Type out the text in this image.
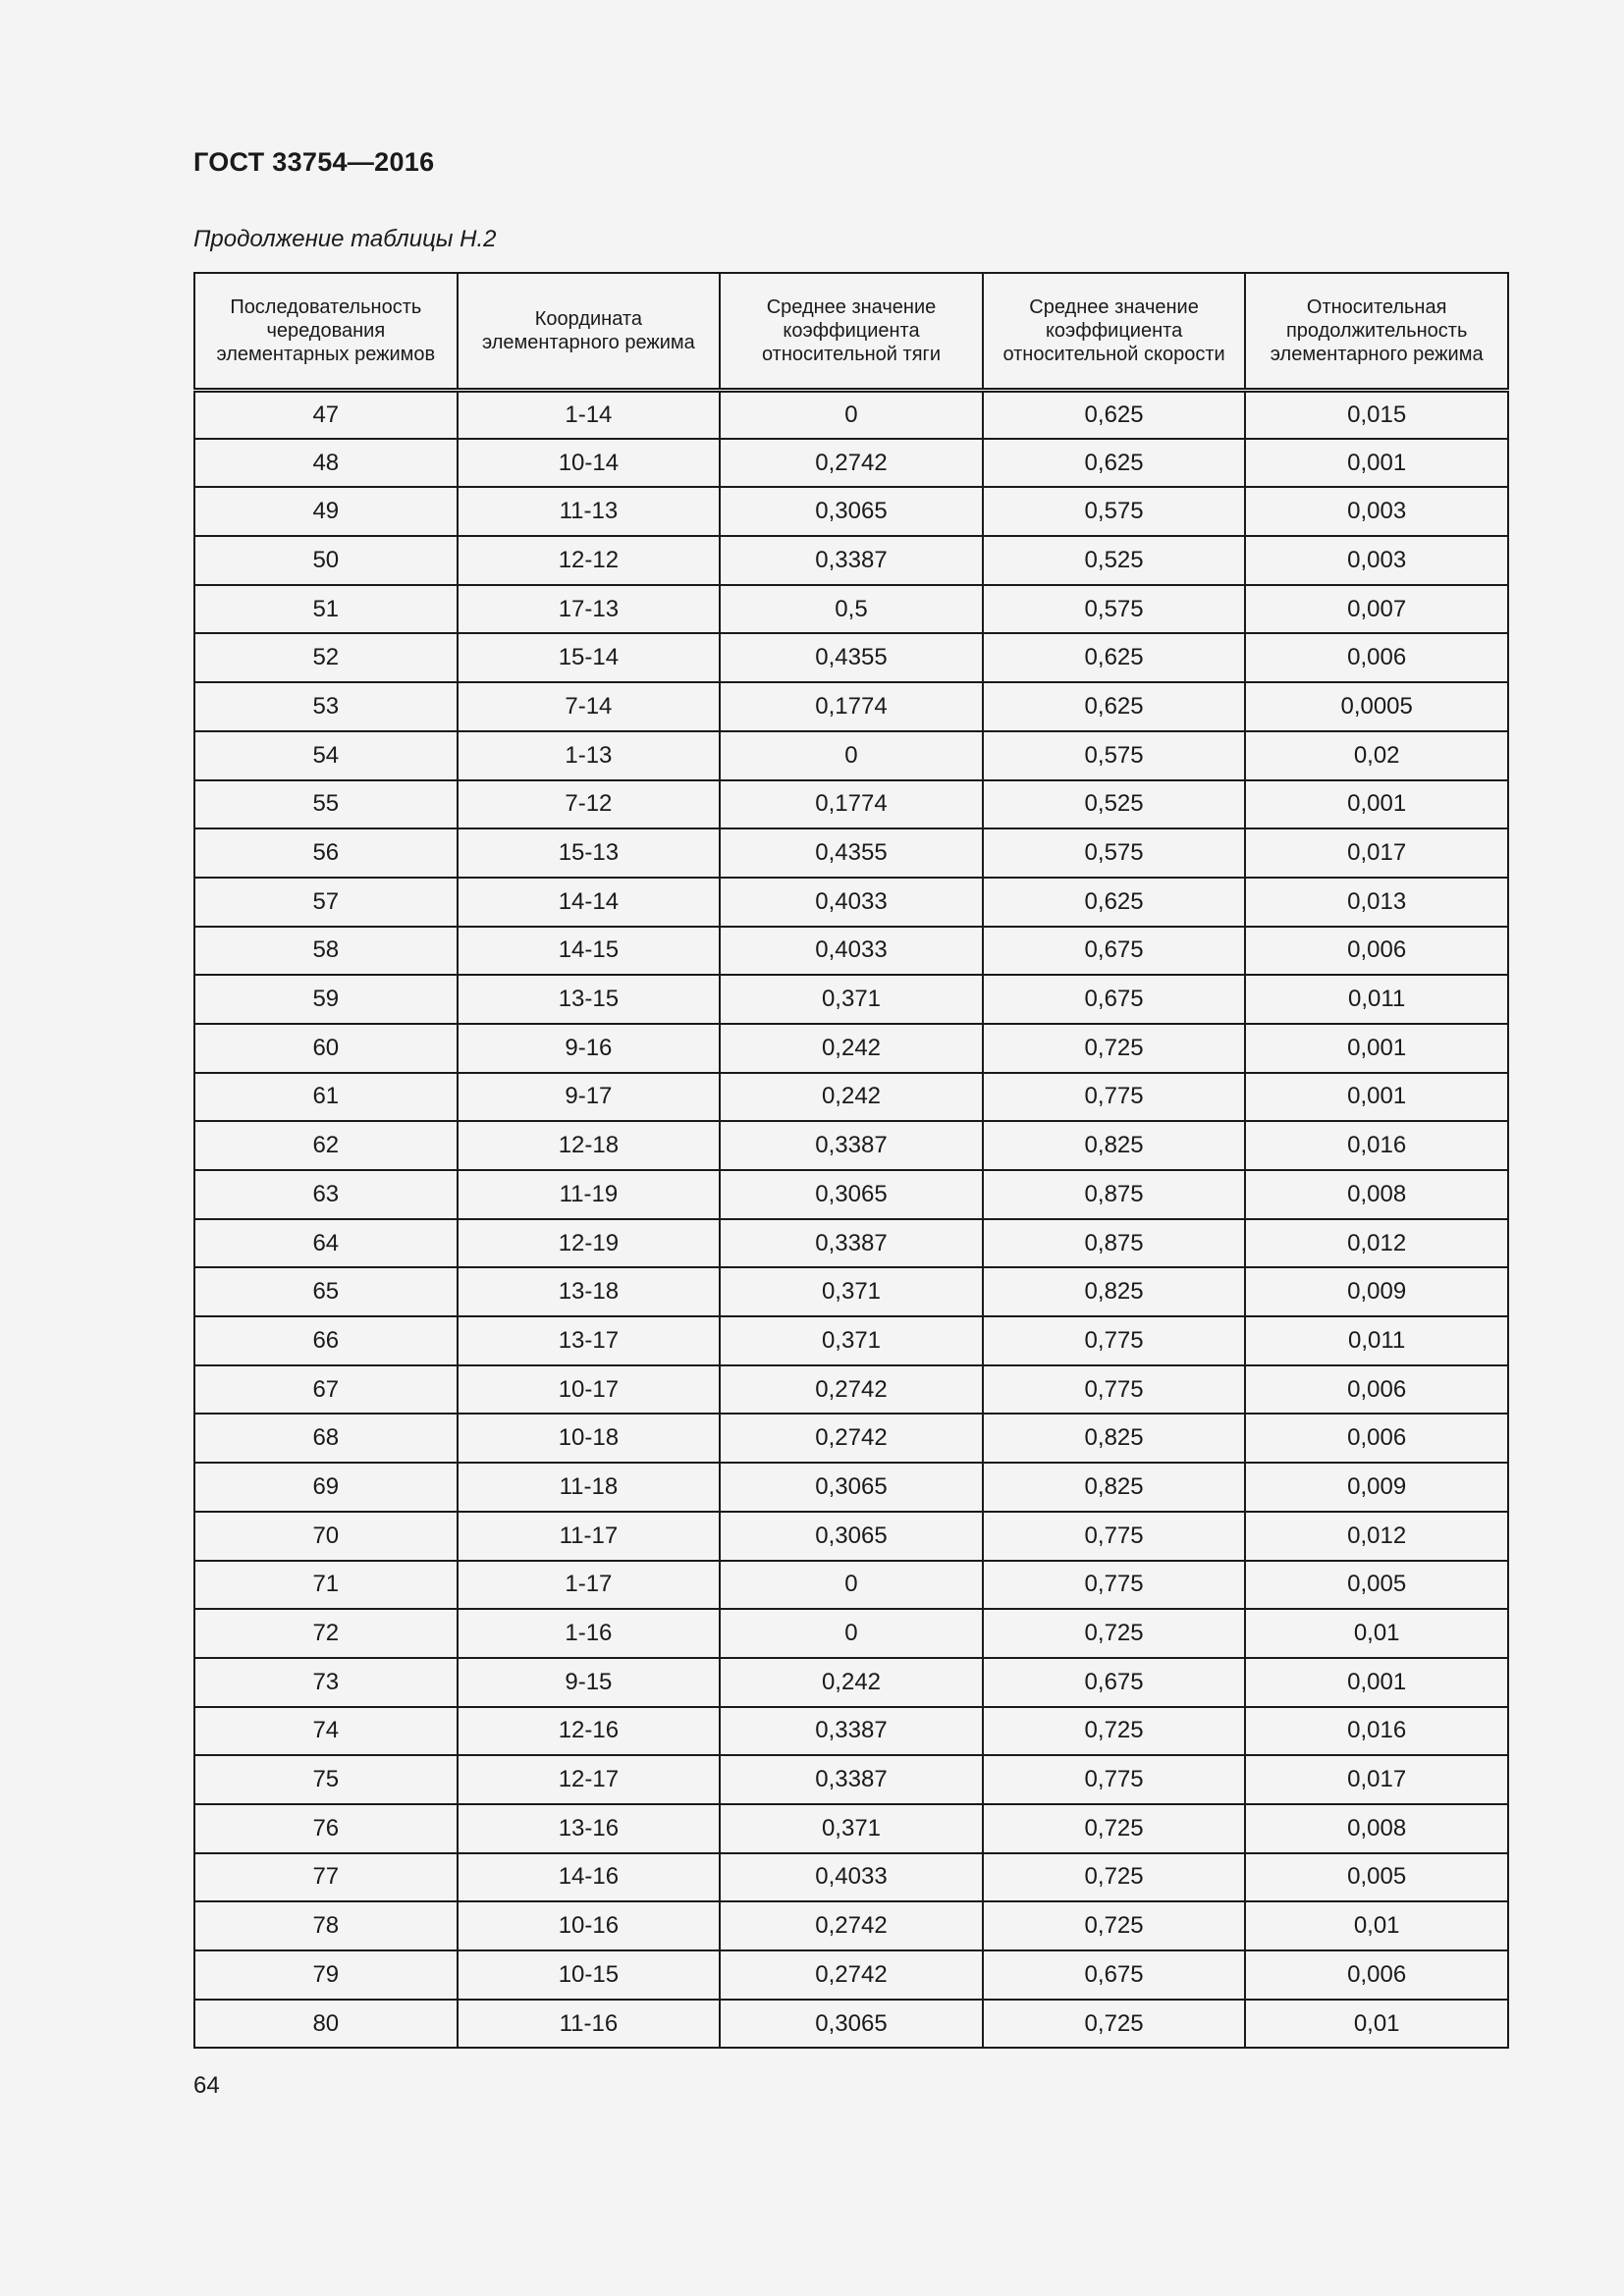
ГОСТ 33754—2016
Продолжение таблицы Н.2
Последовательность чередования элементарных режимов	Координата элементарного режима	Среднее значение коэффициента относительной тяги	Среднее значение коэффициента относительной скорости	Относительная продолжительность элементарного режима
47	1-14	0	0,625	0,015
48	10-14	0,2742	0,625	0,001
49	11-13	0,3065	0,575	0,003
50	12-12	0,3387	0,525	0,003
51	17-13	0,5	0,575	0,007
52	15-14	0,4355	0,625	0,006
53	7-14	0,1774	0,625	0,0005
54	1-13	0	0,575	0,02
55	7-12	0,1774	0,525	0,001
56	15-13	0,4355	0,575	0,017
57	14-14	0,4033	0,625	0,013
58	14-15	0,4033	0,675	0,006
59	13-15	0,371	0,675	0,011
60	9-16	0,242	0,725	0,001
61	9-17	0,242	0,775	0,001
62	12-18	0,3387	0,825	0,016
63	11-19	0,3065	0,875	0,008
64	12-19	0,3387	0,875	0,012
65	13-18	0,371	0,825	0,009
66	13-17	0,371	0,775	0,011
67	10-17	0,2742	0,775	0,006
68	10-18	0,2742	0,825	0,006
69	11-18	0,3065	0,825	0,009
70	11-17	0,3065	0,775	0,012
71	1-17	0	0,775	0,005
72	1-16	0	0,725	0,01
73	9-15	0,242	0,675	0,001
74	12-16	0,3387	0,725	0,016
75	12-17	0,3387	0,775	0,017
76	13-16	0,371	0,725	0,008
77	14-16	0,4033	0,725	0,005
78	10-16	0,2742	0,725	0,01
79	10-15	0,2742	0,675	0,006
80	11-16	0,3065	0,725	0,01
64
